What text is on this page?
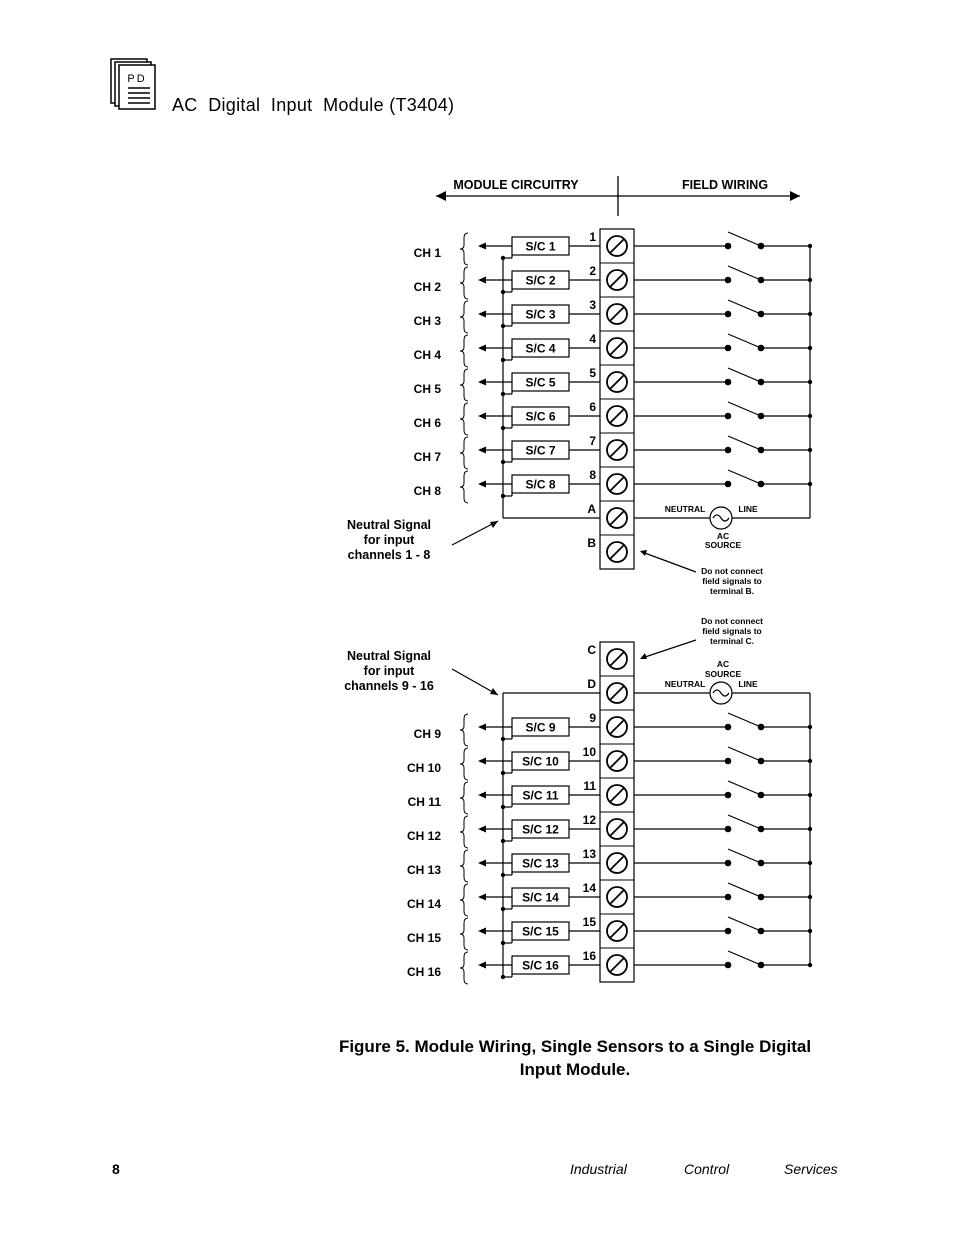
PD
AC  Digital  Input  Module (T3404)
MODULE CIRCUITRY	FIELD WIRING
1
2
3
4
5
6
7
8
A
B
S/C 1
CH 1
S/C 2
CH 2
S/C 3
CH 3
S/C 4
CH 4
S/C 5
CH 5
S/C 6
CH 6
S/C 7
CH 7
S/C 8
CH 8
NEUTRAL	LINE
AC
SOURCE
Neutral Signal
for input
channels 1 - 8
Do not connect
field signals to
terminal B.
C
D
9
10
11
12
13
14
15
16
S/C 9
CH 9
S/C 10
CH 10
S/C 11
CH 11
S/C 12
CH 12
S/C 13
CH 13
S/C 14
CH 14
S/C 15
CH 15
S/C 16
CH 16
NEUTRAL	LINE
AC
SOURCE
Neutral Signal
for input
channels 9 - 16
Do not connect
field signals to
terminal C.
Figure 5. Module Wiring, Single Sensors to a Single Digital
Input Module.
8	Industrial	Control	Services
